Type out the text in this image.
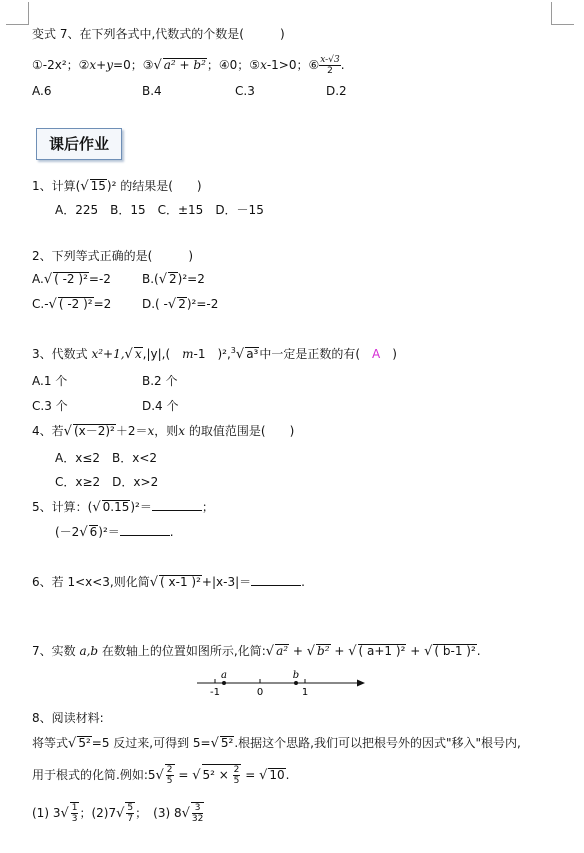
变式 7、在下列各式中,代数式的个数是(　　　)
①-2x²；②x+y=0；③√ a² + b²；④0；⑤x-1>0；⑥ $\frac{x-√3}{2}$ .
A.6	B.4	C.3	D.2
课后作业
1、计算(√ 15)² 的结果是(　　)
A．225　B．15　C．±15　D．－15
2、下列等式正确的是(　　　)
A.√ ( -2 )²=-2	B.(√ 2)²=2
C.-√ ( -2 )²=2	D.( -√ 2)²=-2
3、代数式 x²+1,√ x,|y|,(　m-1　)²,$^3$√ a³中一定是正数的有(　A　)
A.1 个	B.2 个
C.3 个	D.4 个
4、若√ (x－2)²＋2＝x，则x 的取值范围是(　　)
A．x≤2　B．x<2
C．x≥2　D．x>2
5、计算：(√ 0.15)²＝	；
(－2√ 6)²＝	.
6、若 1<x<3,则化简√ ( x-1 )²+|x-3|＝	.
7、实数 a,b 在数轴上的位置如图所示,化简:√ a² + √ b² + √ ( a+1 )² + √ ( b-1 )².
a	b
-1	0	1
8、阅读材料:
将等式√ 5²=5 反过来,可得到 5=√ 5².根据这个思路,我们可以把根号外的因式"移入"根号内,
用于根式的化简.例如:5√ $\frac{2}{5}$ = √ $5^2 \times \frac{2}{5}$ = √ 10.
(1) $3√ \frac{1}{3}$ ；$(2)7√ \frac{5}{7}$ ；　(3) $8√ \frac{3}{32}$
